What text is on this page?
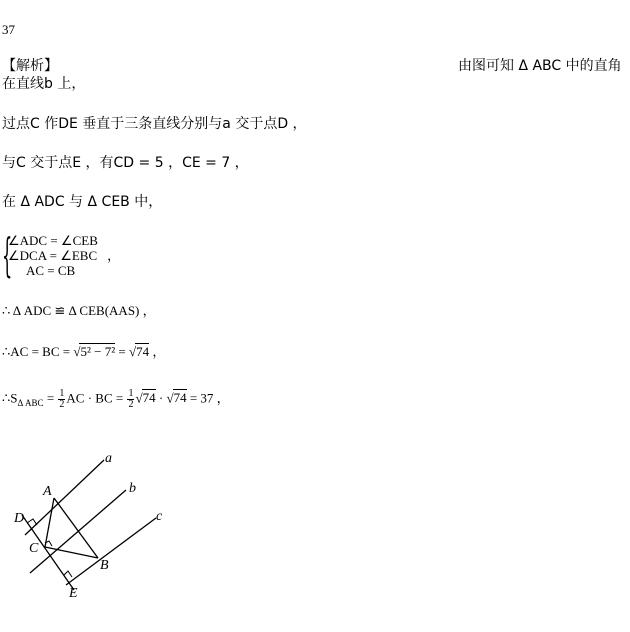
37
【解析】	由图可知 Δ ABC 中的直角
在直线b 上，
过点C 作DE 垂直于三条直线分别与a 交于点D ，
与C 交于点E ，有CD = 5 ，CE = 7 ，
在 Δ ADC 与 Δ CEB 中，
{
∠ADC = ∠CEB
∠DCA = ∠EBC ，
AC = CB
∴ Δ ADC ≌ Δ CEB(AAS) ，
∴AC = BC = √5² − 7² = √74 ，
$\therefore S_{\Delta ABC} = \frac{1}{2}$ AC · BC = $\frac{1}{2} √74 \cdot √74 = 37$ ，
a
b
c
A
B
C
D
E
